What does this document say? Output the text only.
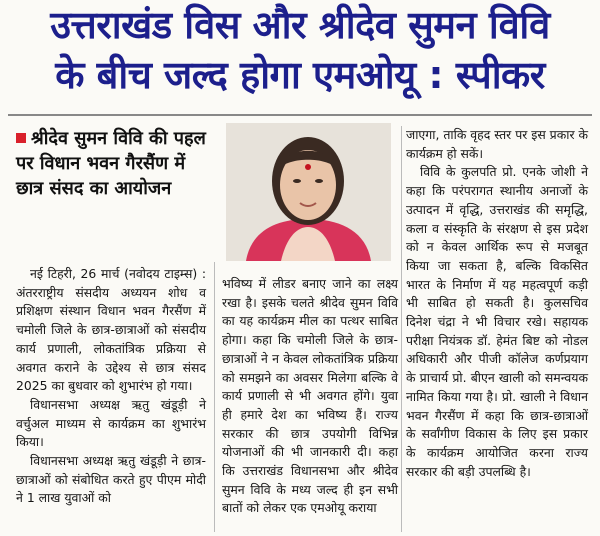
उत्तराखंड विस और श्रीदेव सुमन विवि
के बीच जल्द होगा एमओयू : स्पीकर
श्रीदेव सुमन विवि की पहल पर विधान भवन गैरसैंण में छात्र संसद का आयोजन

नई टिहरी, 26 मार्च (नवोदय टाइम्स) : अंतरराष्ट्रीय संसदीय अध्ययन शोध व प्रशिक्षण संस्थान विधान भवन गैरसैंण में चमोली जिले के छात्र-छात्राओं को संसदीय कार्य प्रणाली, लोकतांत्रिक प्रक्रिया से अवगत कराने के उद्देश्य से छात्र संसद 2025 का बुधवार को शुभारंभ हो गया।

विधानसभा अध्यक्ष ऋतु खंडूड़ी ने वर्चुअल माध्यम से कार्यक्रम का शुभारंभ किया।

विधानसभा अध्यक्ष ऋतु खंडूड़ी ने छात्र-छात्राओं को संबोधित करते हुए पीएम मोदी ने 1 लाख युवाओं को

भविष्य में लीडर बनाए जाने का लक्ष्य रखा है। इसके चलते श्रीदेव सुमन विवि का यह कार्यक्रम मील का पत्थर साबित होगा। कहा कि चमोली जिले के छात्र-छात्राओं ने न केवल लोकतांत्रिक प्रक्रिया को समझने का अवसर मिलेगा बल्कि वे कार्य प्रणाली से भी अवगत होंगे। युवा ही हमारे देश का भविष्य हैं। राज्य सरकार की छात्र उपयोगी विभिन्न योजनाओं की भी जानकारी दी। कहा कि उत्तराखंड विधानसभा और श्रीदेव सुमन विवि के मध्य जल्द ही इन सभी बातों को लेकर एक एमओयू कराया

जाएगा, ताकि वृहद स्तर पर इस प्रकार के कार्यक्रम हो सकें।

विवि के कुलपति प्रो. एनके जोशी ने कहा कि परंपरागत स्थानीय अनाजों के उत्पादन में वृद्धि, उत्तराखंड की समृद्धि, कला व संस्कृति के संरक्षण से इस प्रदेश को न केवल आर्थिक रूप से मजबूत किया जा सकता है, बल्कि विकसित भारत के निर्माण में यह महत्वपूर्ण कड़ी भी साबित हो सकती है। कुलसचिव दिनेश चंद्रा ने भी विचार रखे। सहायक परीक्षा नियंत्रक डॉ. हेमंत बिष्ट को नोडल अधिकारी और पीजी कॉलेज कर्णप्रयाग के प्राचार्य प्रो. बीएन खाली को समन्वयक नामित किया गया है। प्रो. खाली ने विधान भवन गैरसैंण में कहा कि छात्र-छात्राओं के सर्वांगीण विकास के लिए इस प्रकार के कार्यक्रम आयोजित करना राज्य सरकार की बड़ी उपलब्धि है।
